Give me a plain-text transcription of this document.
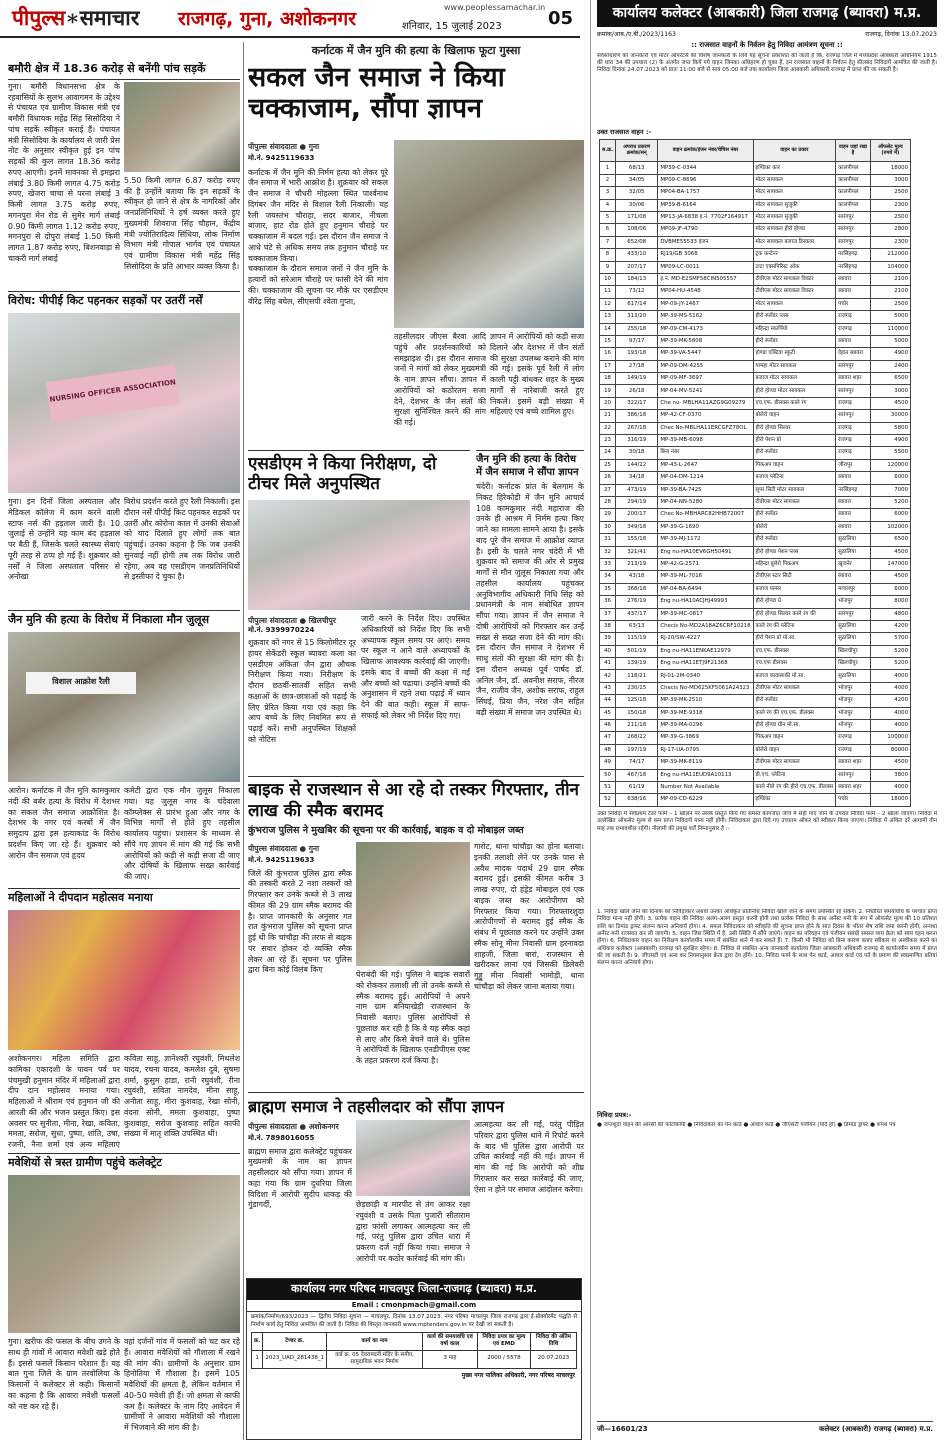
पीपुल्स∗समाचार राजगढ़, गुना, अशोकनगर
www.peoplessamachar.in
शनिवार, 15 जुलाई 2023	05
बमौरी क्षेत्र में 18.36 करोड़ से बनेंगी पांच सड़कें
गुना। बमौरी विधानसभा क्षेत्र के रहवासियों के सुलभ आवागमन के उद्देश्य से पंचायत एवं ग्रामीण विकास मंत्री एवं बमौरी विधायक महेंद्र सिंह सिसोदिया ने पांच सड़कें स्वीकृत कराई हैं। पंचायत मंत्री सिसोदिया के कार्यालय से जारी प्रेस नोट के अनुसार स्वीकृत हुई इन पांच सड़कों की कुल लागत 18.36 करोड़ रुपए आएगी। इनमें मावनका से इमझरा लंबाई 3.80 किमी लागत 4.75 करोड़ रुपए, खेजरा चाचा से परना लंबाई 3 किमी लागत 3.75 करोड़ रुपए, मगनपुरा मेन रोड से सुमेर मार्ग लंबाई 0.90 किमी लागत 1.12 करोड़ रुपए, मगनपुरा से दोपुरा लंबाई 1.50 किमी लागत 1.87 करोड़ रुपए, बिशनवाड़ा से चाकरी मार्ग लंबाई
5.50 किमी लागत 6.87 करोड़ रुपए की है उन्होंने बताया कि इन सड़कों के स्वीकृत हो जाने से क्षेत्र के नागरिकों और जनप्रतिनिधियों ने हर्ष व्यक्त करते हुए मुख्यमंत्री शिवराज सिंह चौहान, केंद्रीय मंत्री ज्योतिरादित्य सिंधिया, लोक निर्माण विभाग मंत्री गोपाल भार्गव एवं पंचायत एवं ग्रामीण विकास मंत्री महेंद्र सिंह सिसोदिया के प्रति आभार व्यक्त किया है।
विरोध: पीपीई किट पहनकर सड़कों पर उतरीं नर्सें
NURSING OFFICER ASSOCIATION
गुना। इन दिनों जिला अस्पताल और मेडिकल कॉलेज में काम करने वाली स्टाफ नर्स की हड़ताल जारी है। 10 जुलाई से उन्होंने यह काम बंद हड़ताल पर बैठी हैं, जिसके चलते स्वास्थ्य सेवाएं पूरी तरह से ठप्प हो गई हैं। शुक्रवार को नर्सों ने जिला अस्पताल परिसर से अनोखा
विरोध प्रदर्शन करते हुए रैली निकाली। इस दौरान नर्सें पीपीई किट पहनकर सड़कों पर उतरीं और कोरोना काल में उनकी सेवाओं को याद दिलाते हुए लोगों तक बात पहुंचाई। उनका कहना है कि जब उनकी सुनवाई नहीं होगी तब तक विरोध जारी रहेगा, अब वह एसडीएम जनप्रतिनिधियों से इस्तीफा दे चुका है।
जैन मुनि की हत्या के विरोध में निकाला मौन जुलूस
विशाल आक्रोश रैली
आरोन। कर्नाटक में जैन मुनि कामकुमार नंदी की बर्बर हत्या के विरोध में देशभर का सकल जैन समाज आक्रोशित है। देशभर के नगर एवं कस्बों में जैन समुदाय द्वारा इस हत्याकांड के विरोध प्रदर्शन किए जा रहे हैं। शुक्रवार को आरोन जैन समाज एवं हृदय
कमेटी द्वारा एक मौन जुलूस निकाला गया। यह जुलूस नगर के चंदेवाला कॉम्प्लेक्स से प्रारंभ हुआ और नगर के विभिन्न मार्गों से होते हुए तहसील कार्यालय पहुंचा। प्रशासन के माध्यम से सौंपे गए ज्ञापन में मांग की गई कि सभी आरोपियों को कड़ी से कड़ी सजा दी जाए और दोषियों के खिलाफ सख्त कार्रवाई की जाए।
महिलाओं ने दीपदान महोत्सव मनाया
अशोकनगर। महिला समिति द्वारा कामिका एकादशी के पावन पर्व पर पंचमुखी हनुमान मंदिर में महिलाओं द्वारा दीप दान महोत्सव मनाया गया। महिलाओं ने श्रीराम एवं हनुमान जी की आरती की और भजन प्रस्तुत किए। इस अवसर पर सुनीता, मीना, रेखा, कविता, ममता, सरोज, सुधा, पुष्पा, शांति, उषा, रजनी, नैना शर्मा एवं अन्य महिलाएं
कविता साहू, ज्ञानेश्वरी रघुवंशी, मिथलेश यादव, रचना यादव, कमलेश दुबे, सुषमा शर्मा, कुसुम हाडा, रानी रघुवंशी, रीना रघुवंशी, सविता नामदेव, मीना साहू, अनीता साहू, मीरा कुशवाह, रेखा सोनी, वंदना सोनी, ममता कुशवाहा, पुष्पा कुशवाहा, सरोज कुशवाह सहित काफी संख्या में मातृ शक्ति उपस्थित थीं।
मवेशियों से त्रस्त ग्रामीण पहुंचे कलेक्ट्रेट
गुना। खरीफ की फसल के बीच उगने के साथ ही गांवों में आवारा मवेशी खड़े होते हैं। इससे फसलें किसान परेशान हैं। यह बात गुना जिले के ग्राम तरवोलिया के किसानों ने कलेक्टर से कही। किसानों का कहना है कि आवारा मवेशी फसलों को नष्ट कर रहे हैं।
वहां दर्जनों गांव में फसलों को चट कर रहे हैं। आवारा मवेशियों को गौशाला में रखने की मांग की। ग्रामीणों के अनुसार ग्राम हिनोतिया में गौशाला है। इसमें 105 मवेशियों की क्षमता है, लेकिन वर्तमान में 40-50 मवेशी ही हैं। जो क्षमता से काफी कम है। कलेक्टर के नाम दिए आवेदन में ग्रामीणों ने आवारा मवेशियों को गौशाला में भिजवाने की मांग की है।
कर्नाटक में जैन मुनि की हत्या के खिलाफ फूटा गुस्सा
सकल जैन समाज ने किया चक्काजाम, सौंपा ज्ञापन
पीपुल्स संवाददाता ● गुना
मो.नं. 9425119633
कर्नाटक में जैन मुनि की निर्मम हत्या को लेकर पूरे जैन समाज में भारी आक्रोश है। शुक्रवार को सकल जैन समाज ने चौधरी मोहल्ला स्थित पार्श्वनाथ दिगंबर जैन मंदिर से विशाल रैली निकाली। यह रैली जयस्तंभ चौराहा, सदर बाजार, नीचला बाजार, हाट रोड होते हुए हनुमान चौराहे पर चक्काजाम में बदल गई। इस दौरान जैन समाज ने आधे घंटे से अधिक समय तक हनुमान चौराहे पर चक्काजाम किया।
चक्काजाम के दौरान समाज जनों ने जैन मुनि के हत्यारों को सरेआम चौराहे पर फांसी देने की मांग की। चक्काजाम की सूचना पर मौके पर एसडीएम वीरेंद्र सिंह बघेल, सीएसपी श्वेता गुप्ता,
तहसीलदार जीएस बैरवा आदि पहुंचे और प्रदर्शनकारियों को समझाइश दी। इस दौरान समाज जनों ने मांगों को लेकर मुख्यमंत्री के नाम ज्ञापन सौंपा। ज्ञापन में आरोपियों को कठोरतम सजा देने, देशभर के जैन संतों की सुरक्षा सुनिश्चित करने की मांग की गई।
ज्ञापन में आरोपियों को कड़ी सजा दिलाने और देशभर में जैन संतों की सुरक्षा उपलब्ध कराने की मांग की गई। इसके पूर्व रैली में लोग काली पट्टी बांधकर शहर के मुख्य मार्गों से नारेबाजी करते हुए निकले। इसमें बड़ी संख्या में महिलाएं एवं बच्चे शामिल हुए।
एसडीएम ने किया निरीक्षण, दो टीचर मिले अनुपस्थित
पीपुल्स संवाददाता ● खिलचीपुर
मो.नं. 9399970224
शुक्रवार को नगर से 15 किलोमीटर दूर हायर सेकेंडरी स्कूल ब्यावरा कला का एसडीएम अंकिता जैन द्वारा औचक निरीक्षण किया गया। निरीक्षण के दौरान छठवीं-सातवीं सहित सभी कक्षाओं के छात्र-छात्राओं को पढ़ाई के लिए प्रेरित किया गया एवं कहा कि आप बच्चे के लिए नियमित रूप से पढ़ाई करें। सभी अनुपस्थित शिक्षकों को नोटिस
जारी करने के निर्देश दिए। उपस्थित अधिकारियों को निर्देश दिए कि सभी अध्यापक स्कूल समय पर आएं। समय पर स्कूल न आने वाले अध्यापकों के खिलाफ आवश्यक कार्रवाई की जाएगी। इसके बाद वे बच्चों की कक्षा में गईं और बच्चों को पढ़ाया। उन्होंने बच्चों की अनुशासन में रहने तथा पढ़ाई में ध्यान देने की बात कही। स्कूल में साफ-सफाई को लेकर भी निर्देश दिए गए।
जैन मुनि की हत्या के विरोध में जैन समाज ने सौंपा ज्ञापन
चंदेरी। कर्नाटक प्रांत के बेलगाम के निकट हिरेकोड़ी में जैन मुनि आचार्य 108 कामकुमार नंदी महाराज की उनके ही आश्रम में निर्मम हत्या किए जाने का मामला सामने आया है। इसके बाद पूरे जैन समाज में आक्रोश व्याप्त है। इसी के चलते नगर चंदेरी में भी शुक्रवार को समाज की ओर से प्रमुख मार्गों से मौन जुलूस निकाला गया और तहसील कार्यालय पहुंचकर अनुविभागीय अधिकारी निधि सिंह को प्रधानमंत्री के नाम संबोधित ज्ञापन सौंपा गया। ज्ञापन में जैन समाज ने दोषी आरोपियों को गिरफ्तार कर उन्हें सख्त से सख्त सजा देने की मांग की। इस दौरान जैन समाज ने देशभर में साधु संतों की सुरक्षा की मांग की है। इस दौरान अध्यक्ष पूर्व पार्षद डॉ. अनिल जैन, डॉ. अवनीश सराफ, नीरज जैन, राजीव जैन, अशोक सराफ, राहुल सिंघई, प्रिया जैन, नरेश जैन सहित बड़ी संख्या में समाज जन उपस्थित थे।
बाइक से राजस्थान से आ रहे दो तस्कर गिरफ्तार, तीन लाख की स्मैक बरामद
कुंभराज पुलिस ने मुखबिर की सूचना पर की कार्रवाई, बाइक व दो मोबाइल जब्त
पीपुल्स संवाददाता ● गुना
मो.नं. 9425119633
जिले की कुंभराज पुलिस द्वारा स्मैक की तस्करी करते 2 नशा तस्करों को गिरफ्तार कर उनके कब्जे से 3 लाख कीमत की 29 ग्राम स्मैक बरामद की है। प्राप्त जानकारी के अनुसार गत रात कुंभराज पुलिस को सूचना प्राप्त हुई थी कि चांचौड़ा की तरफ से बाइक पर सवार होकर दो व्यक्ति स्मैक लेकर आ रहे हैं। सूचना पर पुलिस द्वारा बिना कोई विलंब किए
घेराबंदी की गई। पुलिस ने बाइक सवारों को रोककर तलाशी ली तो उनके कब्जे से स्मैक बरामद हुई। आरोपियों ने अपने नाम ग्राम बनियाखेड़ी राजस्थान के निवासी बताए। पुलिस आरोपियों से पूछताछ कर रही है कि वे यह स्मैक कहां से लाए और किसे बेचने वाले थे। पुलिस ने आरोपियों के खिलाफ एनडीपीएस एक्ट के तहत प्रकरण दर्ज किया है।
गारोट, थाना चांचौड़ा का होना बताया। इनकी तलाशी लेने पर उनके पास से अवैध मादक पदार्थ 29 ग्राम स्मैक बरामद हुई। इसकी कीमत करीब 3 लाख रुपए, दो हंड्रेड मोबाइल एवं एक बाइक जब्त कर आरोपीगण को गिरफ्तार किया गया। गिरफ्तारशुदा आरोपीगणों से बरामद हुई स्मैक के संबंध में पूछताछ करने पर उन्होंने उक्त स्मैक सोनू मीना निवासी ग्राम हरनावदा शाहजी, जिला बारां, राजस्थान से खरीदकर लाना एवं जिसकी डिलेवरी गुड्डू मीना निवासी भामोड़ी, थाना चांचौड़ा को लेकर जाना बताया गया।
ब्राह्मण समाज ने तहसीलदार को सौंपा ज्ञापन
पीपुल्स संवाददाता ● अशोकनगर
मो.नं. 7898016055
ब्राह्मण समाज द्वारा कलेक्ट्रेट पहुंचकर मुख्यमंत्री के नाम का ज्ञापन तहसीलदार को सौंपा गया। ज्ञापन में कहा गया कि ग्राम दुधरिया जिला विदिशा में आरोपी सुदीप धाकड़ की गुंडागर्दी,	छेड़छाड़ी व मारपीट से तंग आकर रक्षा रघुवंशी व उसके पिता पुजारी सीताराम द्वारा फांसी लगाकर आत्महत्या कर ली गई, परंतु पुलिस द्वारा उचित धारा में प्रकरण दर्ज नहीं किया गया। समाज ने आरोपी पर कठोर कार्रवाई की मांग की।
आत्महत्या कर ली गई, परंतु पीड़ित परिवार द्वारा पुलिस थाने में रिपोर्ट करने के बाद भी पुलिस द्वारा आरोपी पर उचित कार्रवाई नहीं की गई। ज्ञापन में मांग की गई कि आरोपी को शीघ्र गिरफ्तार कर सख्त कार्रवाई की जाए, ऐसा न होने पर समाज आंदोलन करेगा।
कार्यालय नगर परिषद माचलपुर जिला-राजगढ़ (ब्यावरा) म.प्र.
Email : cmonpmach@gmail.com
क्रमांक/निर्माण/693/2023 — द्वितीय निविदा सूचना — माचलपुर, दिनांक 13.07.2023. नगर परिषद माचलपुर जिला राजगढ़ द्वारा ई-प्रोक्योरमेंट पद्धति से निर्माण कार्य हेतु निविदा आमंत्रित की जाती है। निविदा की विस्तृत जानकारी www.mptenders.gov.in पर देखी जा सकती है।
क्र.	टेण्डर क्र.	कार्य का नाम	कार्य की समयावधि एवं वर्षा काल	निविदा प्रपत्र का मूल्य एवं EMD	निविदा की अंतिम तिथि
1	2023_UAD_281438_1	वार्ड क्र. 05 देवरामदनी मंदिर के समीप, सामुदायिक भवन निर्माण	3 माह	2000 / 5578	20.07.2023
मुख्य नगर पालिका अधिकारी, नगर परिषद माचलपुर
कार्यालय कलेक्टर (आबकारी) जिला राजगढ़ (ब्यावरा) म.प्र.
क्रमांक/आब./ए.बी./2023/1163	राजगढ़, दिनांक 13.07.2023
:: राजसात वाहनों के निर्वतन हेतु निविदा आमंत्रण सूचना ::
सर्वसाधारण को जानकारी एवं मोटर ऑपरेटर्स की विशेष जानकारी के लिये यह सूचना प्रकाशित की जाती है कि, राजगढ़ जिले में मध्यप्रदेश आबकारी अधिनियम 1915 की धारा 34 की उपधारा (2) के अंतर्गत जप्त किये गये वाहन जिनका अधिहरण हो चुका है, इन राजसात वाहनों के निर्वतन हेतु सीलबंद निविदायें आमंत्रित की जाती है। निविदा दिनांक 24.07.2023 को प्रातः 11:00 बजे से सायं 05:00 बजे तक कार्यालय जिला आबकारी अधिकारी राजगढ़ में प्राप्त की जा सकती है।
उक्त राजसात वाहन :-
स.क्र.	अपराध प्रकरण क्रमांक/सन्	वाहन क्रमांक/इंजन नंबर/चेचिस नंबर	वाहन का प्रकार	वाहन जहां रखा है	ऑफसेट मूल्य (रुपये में)
1	68/13	MP39-C-0344	इण्डिका कार	कालपीपल	18000
2	34/05	MP09-C-8696	मोटर सायकल	कालपीपल	3000
3	32/05	MP04-BA-1757	मोटर सायकल	कालपीपल	2500
4	30/06	MP39-B-6164	मोटर सायकल सुजुकी	कालपीपल	2300
5	171/08	MP13-JA-6838 इ.नं. 7702F164917	मोटर सायकल सुजुकी	सारंगपुर	2500
6	108/06	MP09-JF-4790	मोटर सायकल हीरो होण्डा	सारंगपुर	2800
7	652/08	DVBME55533 इंजन	मोटर सायकल बजाज डिस्कवर	सारंगपुर	2300
8	433/10	RJ19/GB 3068	ट्रक कन्टेनर	नरसिंहगढ़	212000
9	207/17	MP09-LC-0011	टाटा एक्सपिरिस्ट ओक	नरसिंहगढ़	104000
10	184/13	इ.नं. MD-E2SMF58CIN505557	टीवीएस मोटर सायकल विक्टर	ब्यावरा	2100
11	73/12	MP04-HU-4548	टीवीएस मोटर सायकल विक्टर	ब्यावरा	2100
12	617/14	MP-09-JY-1467	मोटर सायकल	पचोर	2500
13	313/20	MP-39-MS-5162	हीरो स्प्लेंडर प्लस	राजगढ़	5000
14	255/18	MP-09-CM-4173	महिन्द्रा स्कार्पियो	राजगढ़	110000
15	97/17	MP-39-MK-5808	हीरो स्प्लेंडर	ब्यावरा	5000
16	193/18	MP-39-VA-5447	होण्डा एक्टिवा स्कूटी	देहात ब्यावरा	4900
17	27/18	MP-09-DM-4255	यामहा मोटर सायकल	सारंगपुर	2400
18	149/19	MP-09-MF-3697	बजाज मोटर सायकल	ब्यावरा शहर	6500
19	26/18	MP-04-MV-5241	हीरो होण्डा मोटर सायकल	सारंगपुर	3000
20	322/17	Che nu- MBLHA11AZG9G09279	एच.एफ. डीलक्स काले रंग	राजगढ़	4500
21	386/18	MP-42-CF-0370	बोलेरो वाहन	सारंगपुर	30000
22	267/18	Chec No-MBLHA11ERCGFZ78OL	हीरो होण्डा सिल्वर	राजगढ़	5800
23	316/19	MP-39-MB-6098	हीरो पेशन प्रो	राजगढ़	4900
24	30/18	बिना नंबर	हीरो स्प्लेंडर	राजगढ़	5500
25	144/22	MP-43-L-2647	पिकअप वाहन	जीरापुर	120000
26	34/18	MP-04-DM-1214	बजाज प्लेटिना	ब्यावरा	6000
27	473/19	MP-39-BA-7425	सुपर सिटी मोटर सायकल	नरसिंहगढ़	7000
28	294/19	MP-04-NN-5280	टीवीएस मोटर सायकल	ब्यावरा	5200
29	200/17	Chec No-MBHARC82HHB72007	हीरो स्प्लेंडर	ब्यावरा	6000
30	349/18	MP-39-G-1690	बोलेरो	ब्यावरा	102000
31	155/18	MP-39-MJ-1172	हीरो स्प्लेंडर	सुठालिया	6500
32	321/41	Eng nu-HA10EV6GH50491	हीरो होण्डा पेशन प्लस	सुठालिया	4500
33	213/19	MP-42-G-2571	महिन्द्रा बुलेरो पिकअप	खुजनेर	147000
34	43/18	MP-39-ML-7016	टीवीएस स्टार सिटी	ब्यावरा	4500
35	368/18	MP-04-BA-6494	बजाज पल्सर	माचलपुर	6000
36	276/19	Eng nu-HA10ACJHJ49993	हीरो होण्डा ग्रे	भोजपुर	8000
37	437/17	MP-39-MC-0817	हीरो होण्डा सिल्वर काले रंग की	सारंगपुर	4800
38	63/13	Checis No-MD2A18AZ6CRF10218	काले रंग की प्लेटिना	सुठालिया	4200
39	115/19	RJ-20/SW-4227	हीरो पैशन प्रो मो.सा.	सुठालिया	5700
40	501/19	Eng nu-HA11ENKAE12979	एच.एफ. डीलक्स	खिलचीपुर	5200
41	139/19	Eng nu-HA11ETJ9F21368	एच.एफ डीलक्स	खिलचीपुर	5200
42	118/21	RJ-01-2M-0340	बजाज कावासाकी मो.सा.	सुठालिया	4000
43	230/15	Checis No-MD625KF5061A24323	टीवीएस मोटर सायकल	भोजपुर	4000
44	125/18	MP-39-MK-2510	हीरो स्प्लेंडर	भोजपुर	4200
45	150/18	MP-39-ME-9318	काले रंग की एच.एफ. डीलक्स	भोजपुर	4000
46	211/18	MP-39-MA-0296	हीरो होण्डा ग्रीन मो.सा.	भोजपुर	4000
47	268/22	MP-39-G-3869	पिकअप वाहन	राजगढ़	100000
48	197/19	RJ-17-UA-0795	बोलेरो वाहन	राजगढ़	80000
49	74/17	MP-39-MK-8119	टीवीएस मोटर सायकल	ब्यावरा शहर	4500
50	467/18	Eng nu-HA11EUD9A10113	डी.एच. प्लेटिना	सारंगपुर	3800
51	61/19	Number Not Available	काले नीले रंग की हीरो एच.एफ. डीलक्स	ब्यावरा शहर	4000
52	638/16	MP-09-CD-6229	इण्डिका	पचोर	18000
उक्त निविदा में सर्वप्रथम टेंडर फार्म – 1 खोलने पर उसके प्रस्तुत किये गए समस्त कागजात जांच में सही पाए जाने के उपरांत निविदा फार्म – 2 खोला जाएगा। निविदा में उल्लेखित ऑफसेट मूल्य से कम प्राप्त निविदायें मान्य नहीं होंगी। निविदाकार द्वारा दिये गए उच्चतम ऑफर को स्वीकार किया जाएगा। निविदा में अंकित दरें आगामी तीन माह तक प्रभावशील रहेंगी। नीलामी की प्रमुख शर्तें निम्नानुसार है :-
1. निविदा खोले जाने की दिनांक को निविदाकार अथवा उनका अधिकृत प्रतिनिधि निविदा खोले जाने के समय उपस्थित रह सकेंगे। 2. निर्धारित समयावधि के पश्चात प्राप्त निविदा मान्य नहीं होगी। 3. प्रत्येक वाहन की निविदा अलग-अलग प्रस्तुत करनी होगी तथा प्रत्येक निविदा के साथ अर्नेस्ट मनी के रूप में ऑफसेट मूल्य की 10 प्रतिशत राशि का डिमांड ड्राफ्ट संलग्न करना अनिवार्य होगा। 4. सफल निविदाकार को स्वीकृति की सूचना प्राप्त होने के सात दिवस के भीतर शेष राशि जमा करनी होगी, अन्यथा अर्नेस्ट मनी राजसात कर ली जाएगी। 5. वाहन जिस स्थिति में है, उसी स्थिति में सौंपे जाएंगे। वाहन का परिवहन एवं पंजीयन संबंधी समस्त व्यय क्रेता को स्वयं वहन करना होगा। 6. निविदाकार वाहन का निरीक्षण कार्यालयीन समय में संबंधित थाने में कर सकते हैं। 7. किसी भी निविदा को बिना कारण बताए स्वीकार या अस्वीकार करने का अधिकार कलेक्टर (आबकारी) राजगढ़ को सुरक्षित रहेगा। 8. निविदा से संबंधित अन्य जानकारी कार्यालय जिला आबकारी अधिकारी राजगढ़ से कार्यालयीन समय में प्राप्त की जा सकती है। 9. जीएसटी एवं अन्य कर नियमानुसार क्रेता द्वारा देय होंगे। 10. निविदा फार्म के साथ पेन कार्ड, आधार कार्ड एवं पते के प्रमाण की स्वप्रमाणित प्रतियां संलग्न करना अनिवार्य होगा।
निविदा प्रपत्र:-
● जप्तशुदा वाहन की आरसी की फोटोकॉपी ● निविदाकार का पेन कार्ड ● आधार कार्ड ● जीएसटी पंजीयन (यदि हो) ● डिमांड ड्राफ्ट ● शपथ पत्र
जी—16601/23	कलेक्टर (आबकारी) राजगढ़ (ब्यावरा) म.प्र.
